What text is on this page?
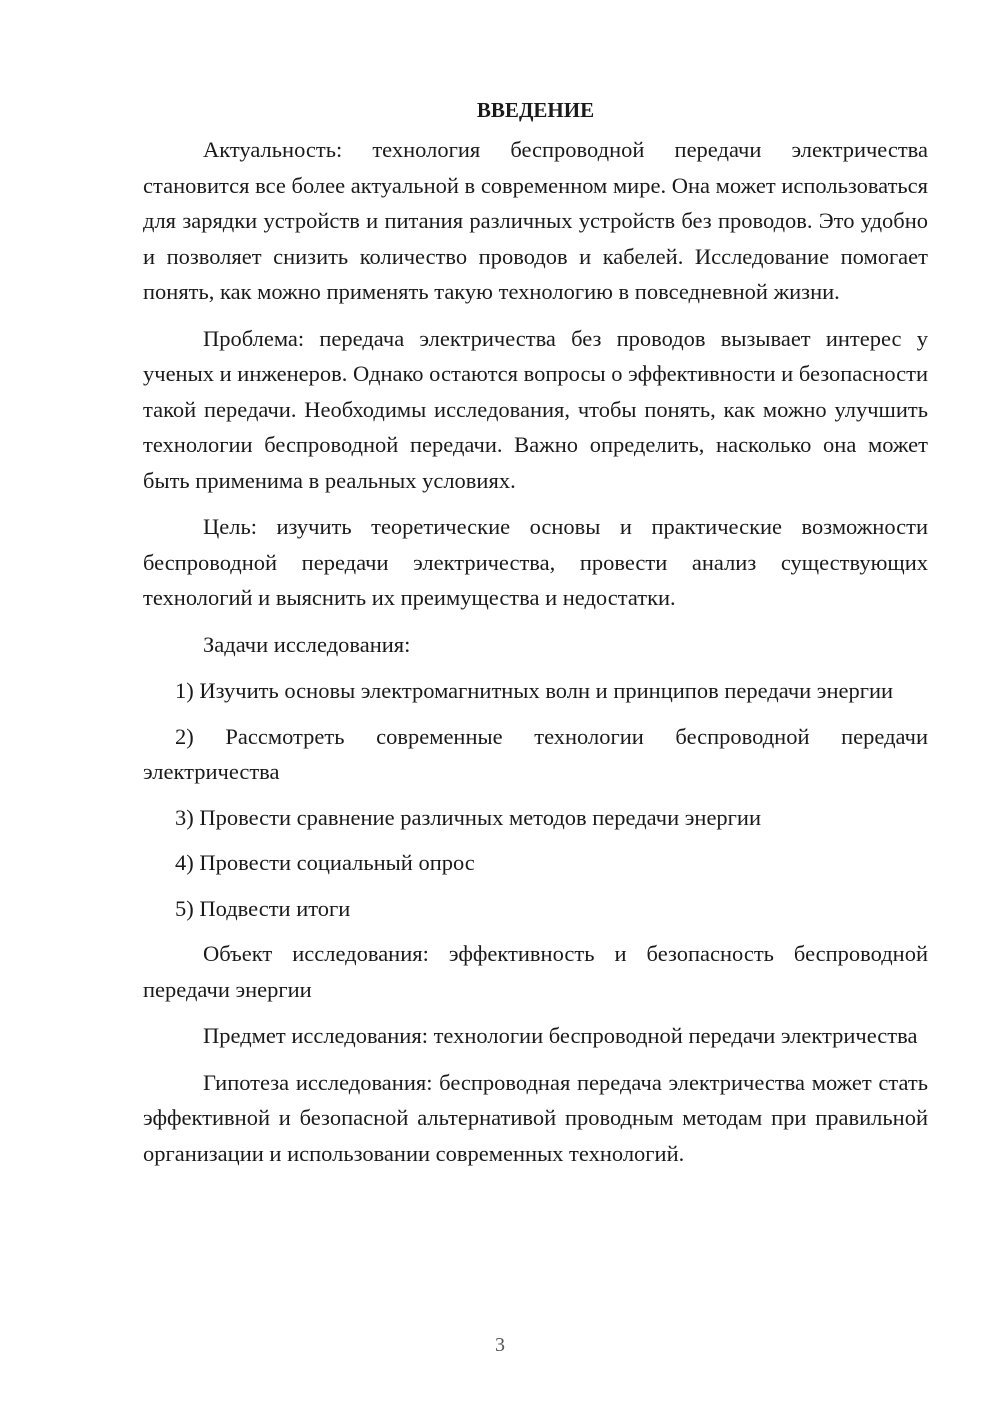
ВВЕДЕНИЕ

Актуальность: технология беспроводной передачи электричества становится все более актуальной в современном мире. Она может использоваться для зарядки устройств и питания различных устройств без проводов. Это удобно и позволяет снизить количество проводов и кабелей. Исследование помогает понять, как можно применять такую технологию в повседневной жизни.

Проблема: передача электричества без проводов вызывает интерес у ученых и инженеров. Однако остаются вопросы о эффективности и безопасности такой передачи. Необходимы исследования, чтобы понять, как можно улучшить технологии беспроводной передачи. Важно определить, насколько она может быть применима в реальных условиях.

Цель: изучить теоретические основы и практические возможности беспроводной передачи электричества, провести анализ существующих технологий и выяснить их преимущества и недостатки.

Задачи исследования:

1) Изучить основы электромагнитных волн и принципов передачи энергии

2) Рассмотреть современные технологии беспроводной передачи электричества

3) Провести сравнение различных методов передачи энергии

4) Провести социальный опрос

5) Подвести итоги

Объект исследования: эффективность и безопасность беспроводной передачи энергии

Предмет исследования: технологии беспроводной передачи электричества

Гипотеза исследования: беспроводная передача электричества может стать эффективной и безопасной альтернативой проводным методам при правильной организации и использовании современных технологий.

3
